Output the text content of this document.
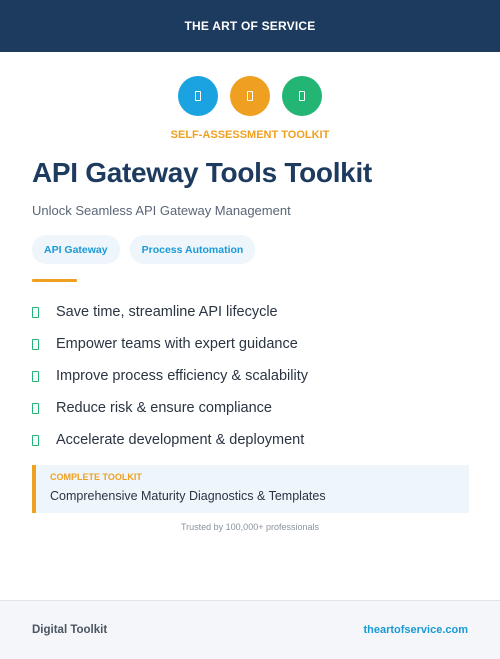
THE ART OF SERVICE
SELF-ASSESSMENT TOOLKIT
API Gateway Tools Toolkit
Unlock Seamless API Gateway Management
API Gateway	Process Automation
Save time, streamline API lifecycle
Empower teams with expert guidance
Improve process efficiency & scalability
Reduce risk & ensure compliance
Accelerate development & deployment
COMPLETE TOOLKIT
Comprehensive Maturity Diagnostics & Templates
Trusted by 100,000+ professionals
Digital Toolkit	theartofservice.com
